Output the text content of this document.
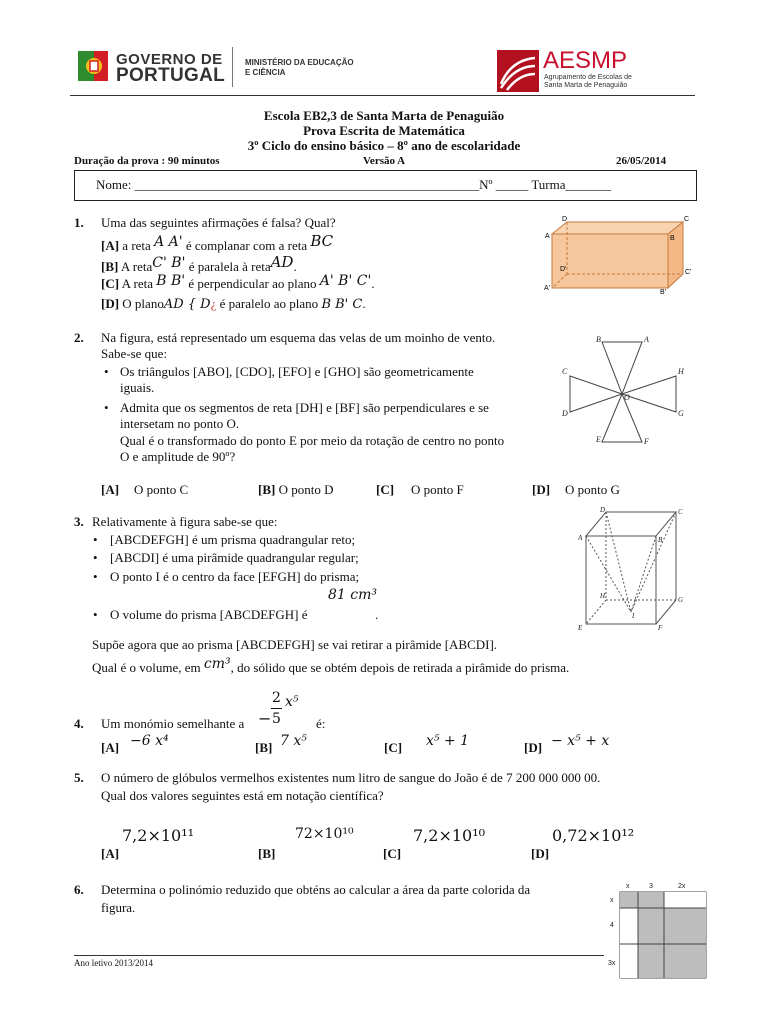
GOVERNO DE
PORTUGAL
MINISTÉRIO DA EDUCAÇÃO
E CIÊNCIA	AESMP
Agrupamento de Escolas de
Santa Marta de Penaguião
Escola EB2,3 de Santa Marta de Penaguião
Prova Escrita de Matemática
3º Ciclo do ensino básico – 8º ano de escolaridade
Duração da prova : 90 minutos	Versão A	26/05/2014
Nome: _____________________________________________________Nº _____ Turma_______
1. Uma das seguintes afirmações é falsa? Qual?
[A] a reta A A' é complanar com a reta BC
[B] A retaC' B' é paralela à retaAD.
[C] A reta B B' é perpendicular ao plano A' B' C'.
[D] O planoAD { D¿ é paralelo ao plano B B' C.
D	C
A	B
D'	C'
A'
B'
2. Na figura, está representado um esquema das velas de um moinho de vento.
Sabe-se que:
• Os triângulos [ABO], [CDO], [EFO] e [GHO] são geometricamente
iguais.
• Admita que os segmentos de reta [DH] e [BF] são perpendiculares e se
intersetam no ponto O.
Qual é o transformado do ponto E por meio da rotação de centro no ponto
O e amplitude de 90º?
B	A
C
D
E	F
H
G
O
[A] O ponto C	[B] O ponto D	[C] O ponto F	[D] O ponto G
3. Relativamente à figura sabe-se que:
• [ABCDEFGH] é um prisma quadrangular reto;
• [ABCDI] é uma pirâmide quadrangular regular;
• O ponto I é o centro da face [EFGH] do prisma;
81 cm³
• O volume do prisma [ABCDEFGH] é	.
Supõe agora que ao prisma [ABCDEFGH] se vai retirar a pirâmide [ABCDI].
Qual é o volume, em cm³, do sólido que se obtém depois de retirada a pirâmide do prisma.
D	C
A	B
H	G
E	F
I
4. Um monómio semelhante a −
2
5
x⁵
é:
[A] −6 x⁴	[B] 7 x⁵	[C] x⁵ + 1	[D] − x⁵ + x
5. O número de glóbulos vermelhos existentes num litro de sangue do João é de 7 200 000 000 00.
Qual dos valores seguintes está em notação científica?
7,2×10¹¹
[A]
72×10¹⁰
[B]
7,2×10¹⁰
[C]
0,72×10¹²
[D]
6. Determina o polinómio reduzido que obténs ao calcular a área da parte colorida da
figura.
x	3	2x
x
4
3x
Ano letivo 2013/2014
